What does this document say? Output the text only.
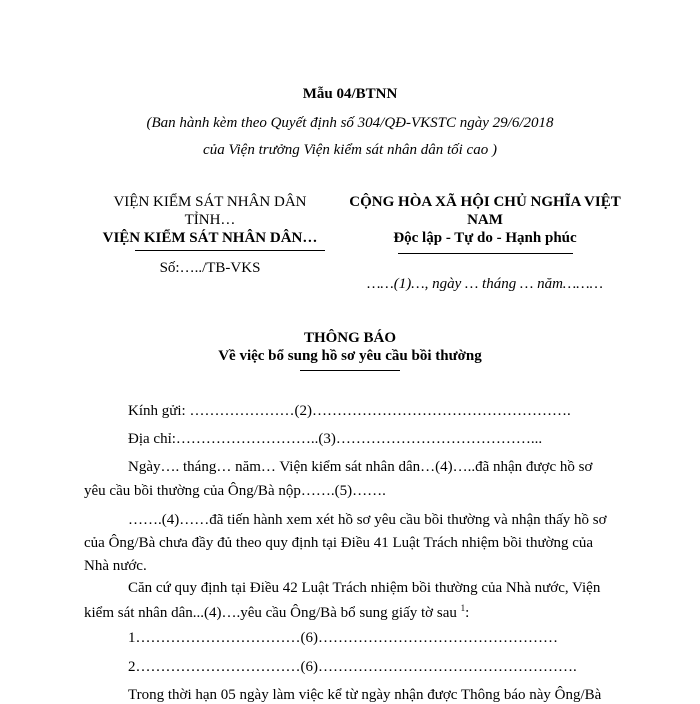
Mẫu 04/BTNN
(Ban hành kèm theo Quyết định số 304/QĐ-VKSTC ngày 29/6/2018
của Viện trưởng Viện kiểm sát nhân dân tối cao )
VIỆN KIỂM SÁT NHÂN DÂN
TỈNH…
VIỆN KIỂM SÁT NHÂN DÂN…
Số:…../TB-VKS
CỘNG HÒA XÃ HỘI CHỦ NGHĨA VIỆT
NAM
Độc lập - Tự do - Hạnh phúc
……(1)…, ngày … tháng … năm………
THÔNG BÁO
Về việc bổ sung hồ sơ yêu cầu bồi thường
Kính gửi: …………………(2)…………………………………………….
Địa chỉ:………………………..(3)…………………………………...
Ngày…. tháng… năm… Viện kiểm sát nhân dân…(4)…..đã nhận được hồ sơ
yêu cầu bồi thường của Ông/Bà nộp…….(5)…….
…….(4)……đã tiến hành xem xét hồ sơ yêu cầu bồi thường và nhận thấy hồ sơ
của Ông/Bà chưa đầy đủ theo quy định tại Điều 41 Luật Trách nhiệm bồi thường của
Nhà nước.
Căn cứ quy định tại Điều 42 Luật Trách nhiệm bồi thường của Nhà nước, Viện
kiểm sát nhân dân...(4)….yêu cầu Ông/Bà bổ sung giấy tờ sau $^1$:
1……………………………(6)…………………………………………
2……………………………(6)…………………………………………….
Trong thời hạn 05 ngày làm việc kể từ ngày nhận được Thông báo này Ông/Bà
